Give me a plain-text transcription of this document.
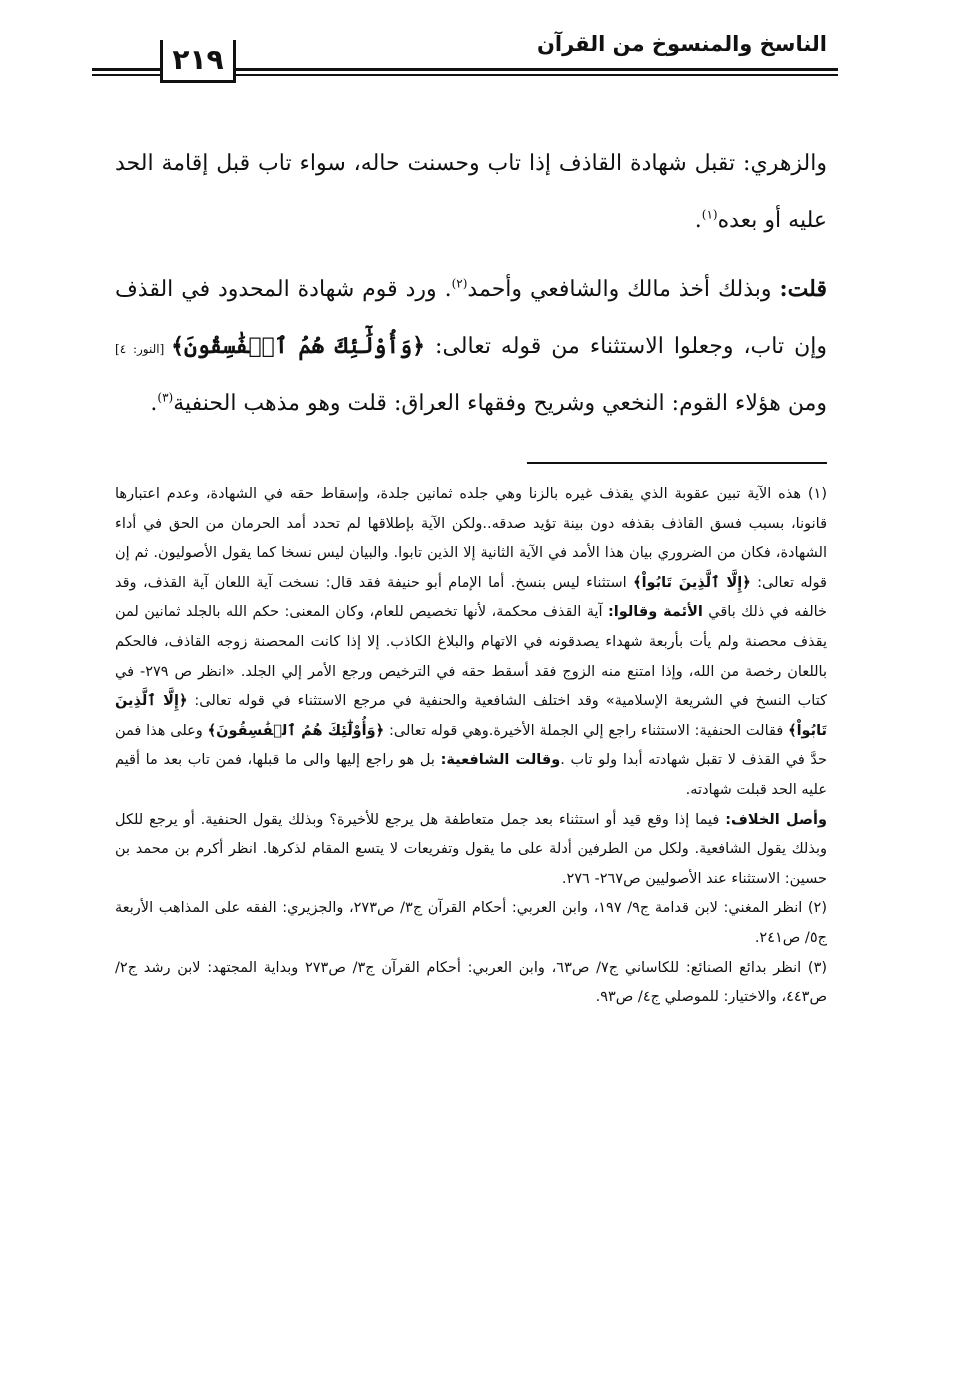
الناسخ والمنسوخ من القرآن
٢١٩

والزهري: تقبل شهادة القاذف إذا تاب وحسنت حاله، سواء تاب قبل إقامة الحد عليه أو بعده$^{(١)}$.

قلت: وبذلك أخذ مالك والشافعي وأحمد$^{(٢)}$. ورد قوم شهادة المحدود في القذف وإن تاب، وجعلوا الاستثناء من قوله تعالى: ﴿وَأُوْلَٰٓئِكَ هُمُ ٱلۡفَٰسِقُونَ﴾ [النور: ٤] ومن هؤلاء القوم: النخعي وشريح وفقهاء العراق: قلت وهو مذهب الحنفية$^{(٣)}$.

(١) هذه الآية تبين عقوبة الذي يقذف غيره بالزنا وهي جلده ثمانين جلدة، وإسقاط حقه في الشهادة، وعدم اعتبارها قانونا، بسبب فسق القاذف بقذفه دون بينة تؤيد صدقه..ولكن الآية بإطلاقها لم تحدد أمد الحرمان من الحق في أداء الشهادة، فكان من الضروري بيان هذا الأمد في الآية الثانية إلا الذين تابوا. والبيان ليس نسخا كما يقول الأصوليون. ثم إن قوله تعالى: ﴿إِلَّا ٱلَّذِينَ تَابُواْ﴾ استثناء ليس بنسخ. أما الإمام أبو حنيفة فقد قال: نسخت آية اللعان آية القذف، وقد خالفه في ذلك باقي الأئمة وقالوا: آية القذف محكمة، لأنها تخصيص للعام، وكان المعنى: حكم الله بالجلد ثمانين لمن يقذف محصنة ولم يأت بأربعة شهداء يصدقونه في الاتهام والبلاغ الكاذب. إلا إذا كانت المحصنة زوجه القاذف، فالحكم باللعان رخصة من الله، وإذا امتنع منه الزوج فقد أسقط حقه في الترخيص ورجع الأمر إلي الجلد. «انظر ص ٢٧٩- في كتاب النسخ في الشريعة الإسلامية» وقد اختلف الشافعية والحنفية في مرجع الاستثناء في قوله تعالى: ﴿إِلَّا ٱلَّذِينَ تَابُواْ﴾ فقالت الحنفية: الاستثناء راجع إلي الجملة الأخيرة.وهي قوله تعالى: ﴿وَأُوْلَٰٓئِكَ هُمُ ٱلۡفَٰسِقُونَ﴾ وعلى هذا فمن حدَّ في القذف لا تقبل شهادته أبدا ولو تاب .وقالت الشافعية: بل هو راجع إليها والى ما قبلها، فمن تاب بعد ما أقيم عليه الحد قبلت شهادته.

وأصل الخلاف: فيما إذا وقع قيد أو استثناء بعد جمل متعاطفة هل يرجع للأخيرة؟ وبذلك يقول الحنفية. أو يرجع للكل وبذلك يقول الشافعية. ولكل من الطرفين أدلة على ما يقول وتفريعات لا يتسع المقام لذكرها. انظر أكرم بن محمد بن حسين: الاستثناء عند الأصوليين ص٢٦٧- ٢٧٦.

(٢) انظر المغني: لابن قدامة ج٩/ ١٩٧، وابن العربي: أحكام القرآن ج٣/ ص٢٧٣، والجزيري: الفقه على المذاهب الأربعة ج٥/ ص٢٤١.

(٣) انظر بدائع الصنائع: للكاساني ج٧/ ص٦٣، وابن العربي: أحكام القرآن ج٣/ ص٢٧٣ وبداية المجتهد: لابن رشد ج٢/ ص٤٤٣، والاختيار: للموصلي ج٤/ ص٩٣.
